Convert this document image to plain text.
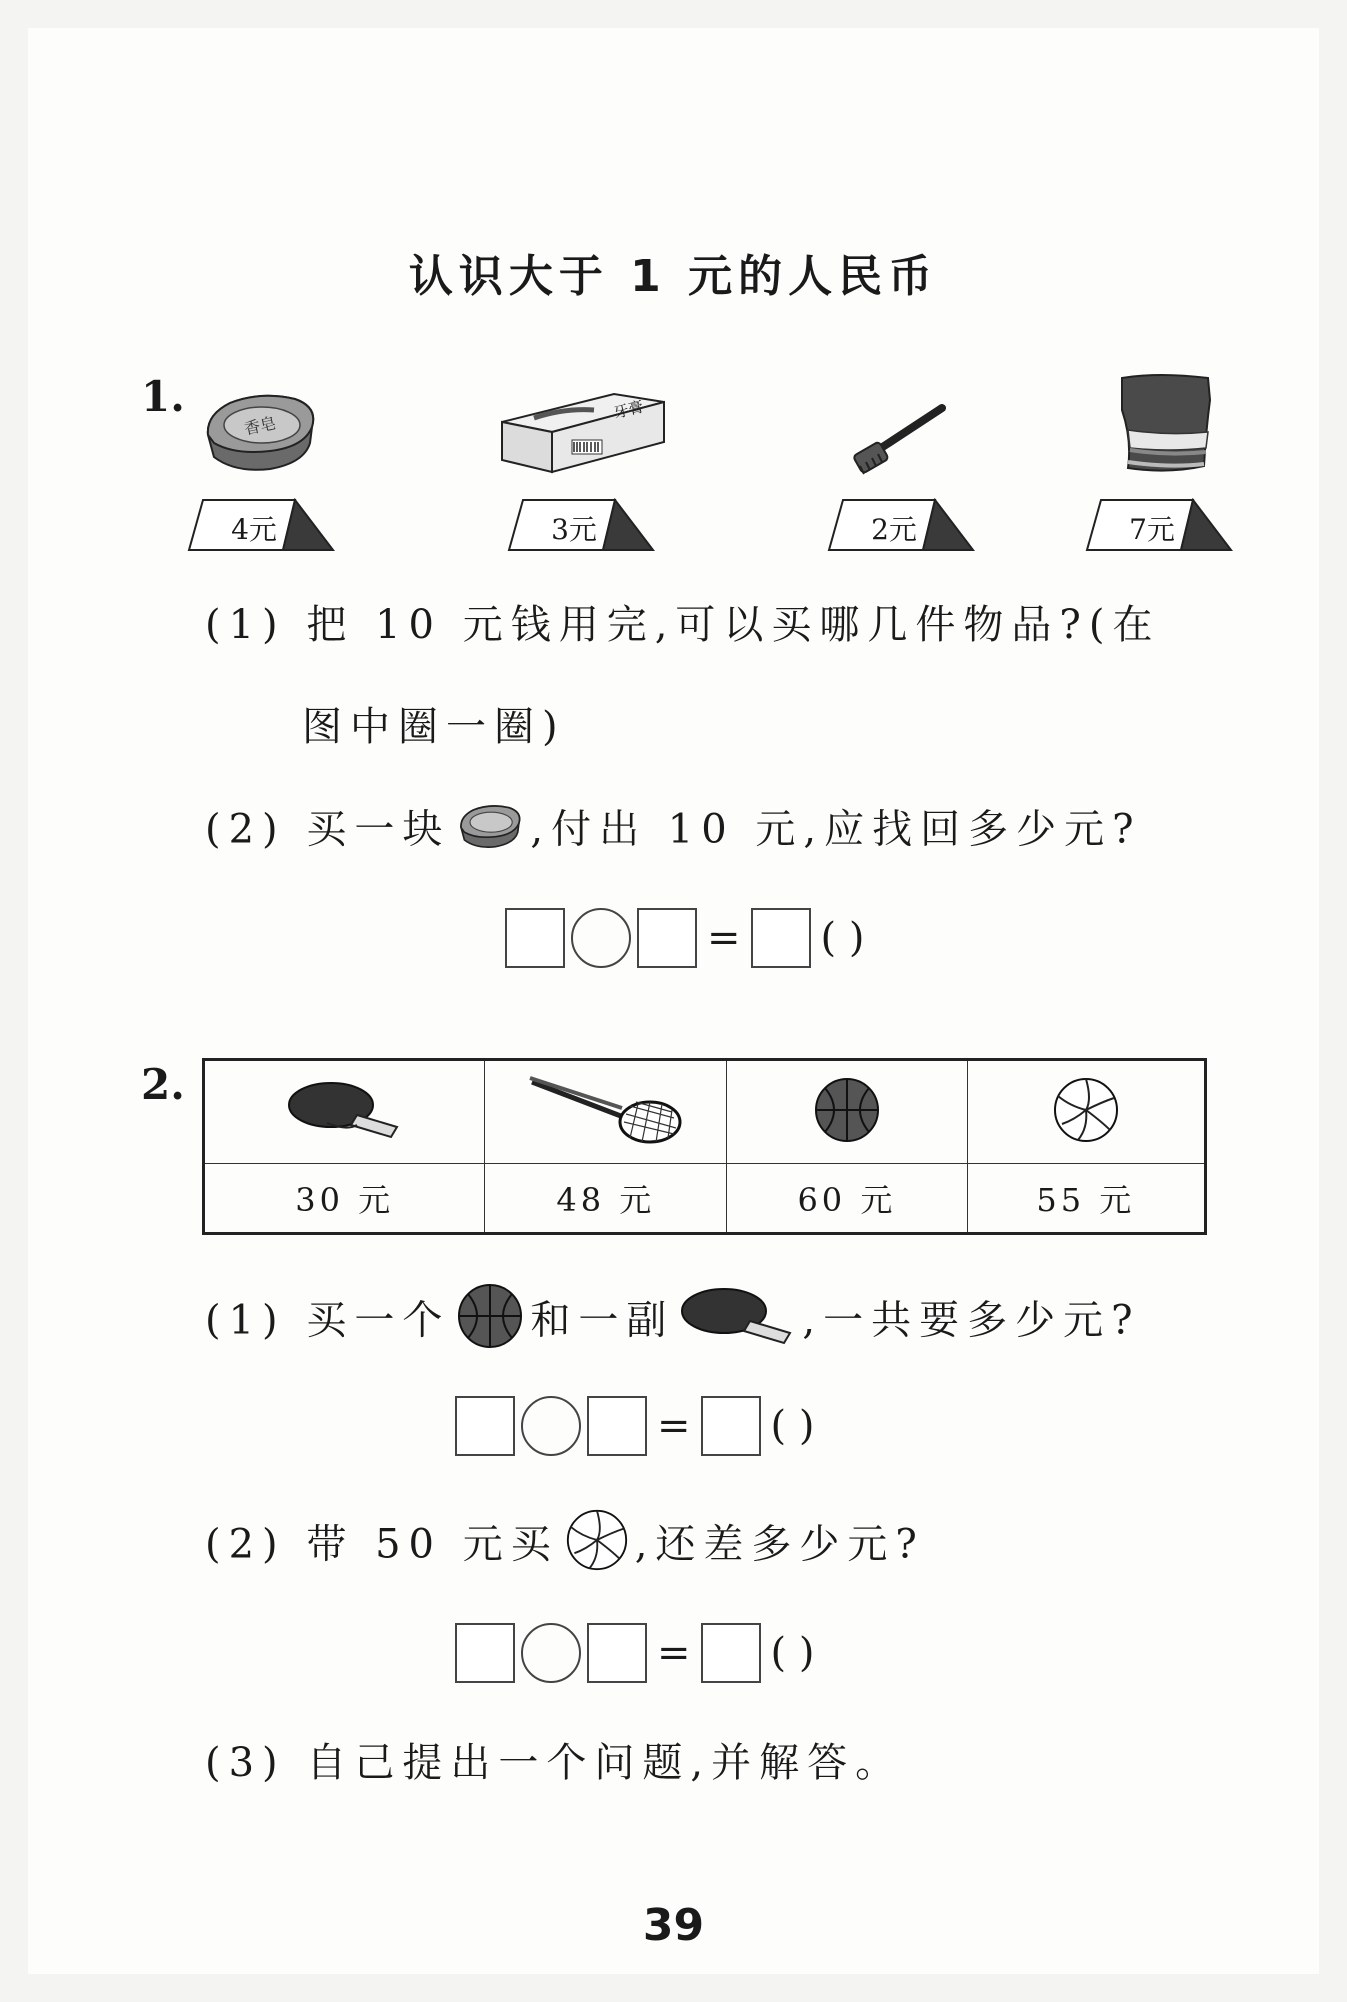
认识大于 1 元的人民币
1.
香皂
牙膏
4元	3元	2元	7元
(1) 把 10 元钱用完,可以买哪几件物品?(在
图中圈一圈)
(2) 买一块 ,付出 10 元,应找回多少元?
= ( )
2.

30 元	48 元	60 元	55 元
(1) 买一个 和一副	,一共要多少元?
= ( )
(2) 带 50 元买 ,还差多少元?
= ( )
(3) 自己提出一个问题,并解答。
39
